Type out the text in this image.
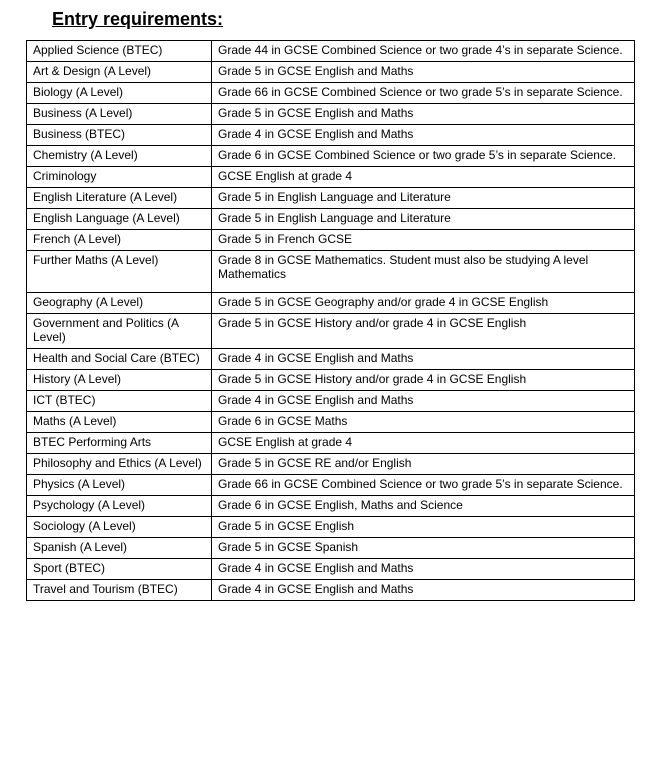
Entry requirements:
Applied Science (BTEC)	Grade 44 in GCSE Combined Science or two grade 4’s in separate Science.
Art & Design (A Level)	Grade 5 in GCSE English and Maths
Biology (A Level)	Grade 66 in GCSE Combined Science or two grade 5’s in separate Science.
Business (A Level)	Grade 5 in GCSE English and Maths
Business (BTEC)	Grade 4 in GCSE English and Maths
Chemistry (A Level)	Grade 6 in GCSE Combined Science or two grade 5’s in separate Science.
Criminology	GCSE English at grade 4
English Literature (A Level)	Grade 5 in English Language and Literature
English Language (A Level)	Grade 5 in English Language and Literature
French (A Level)	Grade 5 in French GCSE
Further Maths (A Level)	Grade 8 in GCSE Mathematics. Student must also be studying A level Mathematics
Geography (A Level)	Grade 5 in GCSE Geography and/or grade 4 in GCSE English
Government and Politics (A Level)	Grade 5 in GCSE History and/or grade 4 in GCSE English
Health and Social Care (BTEC)	Grade 4 in GCSE English and Maths
History (A Level)	Grade 5 in GCSE History and/or grade 4 in GCSE English
ICT (BTEC)	Grade 4 in GCSE English and Maths
Maths (A Level)	Grade 6 in GCSE Maths
BTEC Performing Arts	GCSE English at grade 4
Philosophy and Ethics (A Level)	Grade 5 in GCSE RE and/or English
Physics (A Level)	Grade 66 in GCSE Combined Science or two grade 5’s in separate Science.
Psychology (A Level)	Grade 6 in GCSE English, Maths and Science
Sociology (A Level)	Grade 5 in GCSE English
Spanish (A Level)	Grade 5 in GCSE Spanish
Sport (BTEC)	Grade 4 in GCSE English and Maths
Travel and Tourism (BTEC)	Grade 4 in GCSE English and Maths
